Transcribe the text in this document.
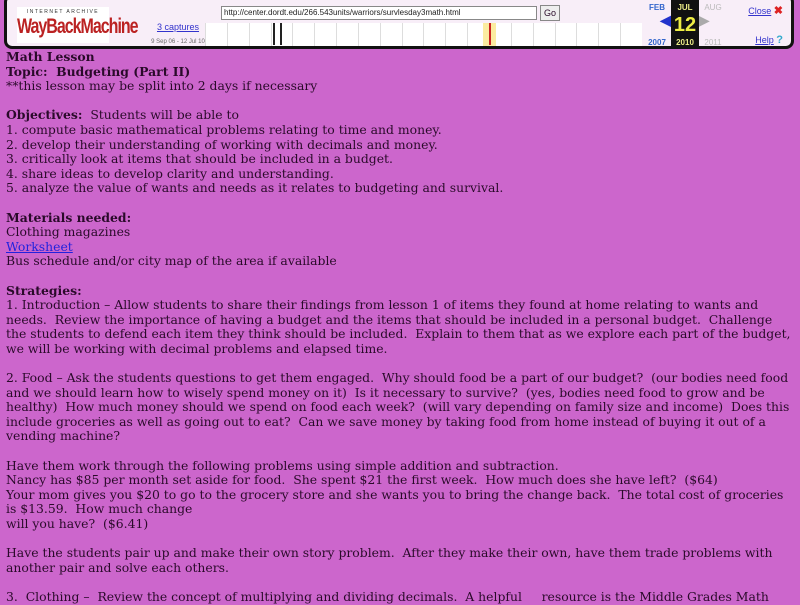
INTERNET ARCHIVE
WayBackMachine
http://center.dordt.edu/266.543units/warriors/survlesday3math.html	Go
3 captures
9 Sep 06 - 12 Jul 10
FEB
◀
2007
JUL
12
2010
AUG
▶
2011
Close ✖
Help ?

Math Lesson

Topic:  Budgeting (Part II)

**this lesson may be split into 2 days if necessary

Objectives:  Students will be able to

1. compute basic mathematical problems relating to time and money.

2. develop their understanding of working with decimals and money.

3. critically look at items that should be included in a budget.

4. share ideas to develop clarity and understanding.

5. analyze the value of wants and needs as it relates to budgeting and survival.

Materials needed:

Clothing magazines

Worksheet

Bus schedule and/or city map of the area if available

Strategies:

1. Introduction – Allow students to share their findings from lesson 1 of items they found at home relating to wants and needs.  Review the importance of having a budget and the items that should be included in a personal budget.  Challenge the students to defend each item they think should be included.  Explain to them that as we explore each part of the budget, we will be working with decimal problems and elapsed time.

2. Food – Ask the students questions to get them engaged.  Why should food be a part of our budget?  (our bodies need food and we should learn how to wisely spend money on it)  Is it necessary to survive?  (yes, bodies need food to grow and be healthy)  How much money should we spend on food each week?  (will vary depending on family size and income)  Does this include groceries as well as going out to eat?  Can we save money by taking food from home instead of buying it out of a vending machine?

Have them work through the following problems using simple addition and subtraction.

Nancy has $85 per month set aside for food.  She spent $21 the first week.  How much does she have left?  ($64)

Your mom gives you $20 to go to the grocery store and she wants you to bring the change back.  The total cost of groceries is $13.59.  How much change

will you have?  ($6.41)

Have the students pair up and make their own story problem.  After they make their own, have them trade problems with another pair and solve each others.

3.  Clothing –  Review the concept of multiplying and dividing decimals.  A helpful     resource is the Middle Grades Math
